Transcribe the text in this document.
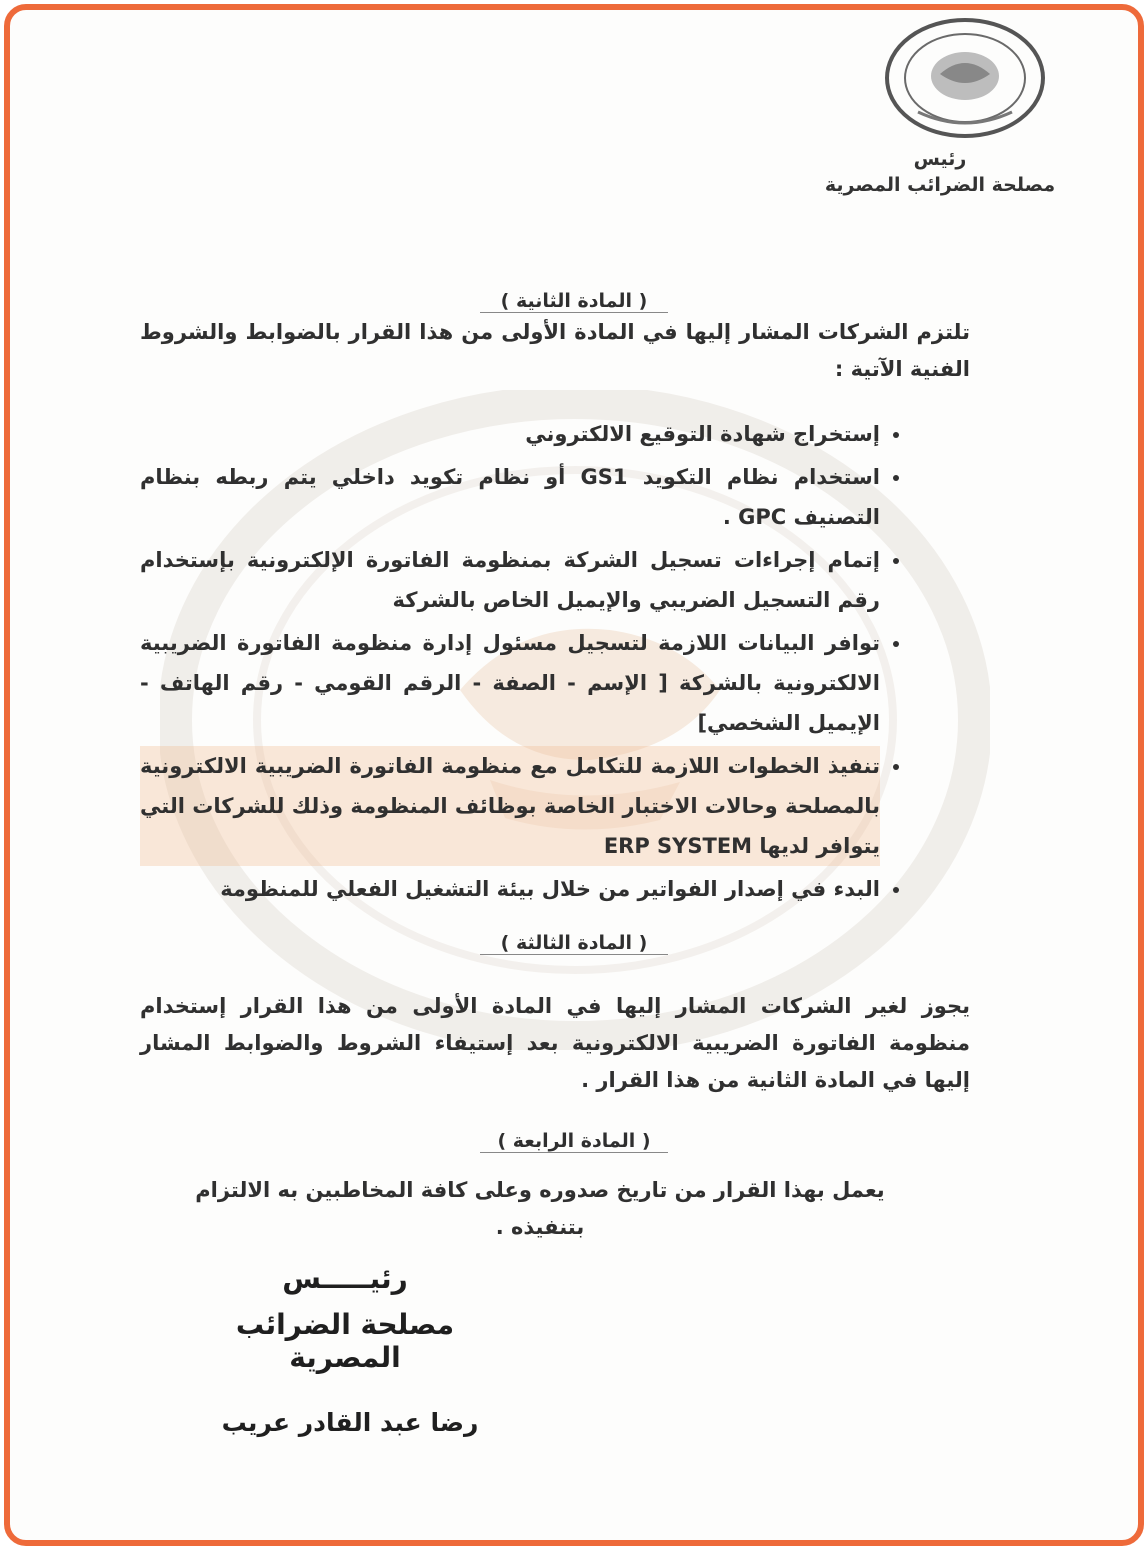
رئيس
مصلحة الضرائب المصرية
( المادة الثانية )
تلتزم الشركات المشار إليها في المادة الأولى من هذا القرار بالضوابط والشروط الفنية الآتية :
• إستخراج شهادة التوقيع الالكتروني
• استخدام نظام التكويد GS1 أو نظام تكويد داخلي يتم ربطه بنظام التصنيف GPC .
• إتمام إجراءات تسجيل الشركة بمنظومة الفاتورة الإلكترونية بإستخدام رقم التسجيل الضريبي والإيميل الخاص بالشركة
• توافر البيانات اللازمة لتسجيل مسئول إدارة منظومة الفاتورة الضريبية الالكترونية بالشركة [ الإسم - الصفة - الرقم القومي - رقم الهاتف - الإيميل الشخصي]
• تنفيذ الخطوات اللازمة للتكامل مع منظومة الفاتورة الضريبية الالكترونية بالمصلحة وحالات الاختبار الخاصة بوظائف المنظومة وذلك للشركات التي يتوافر لديها ERP SYSTEM
• البدء في إصدار الفواتير من خلال بيئة التشغيل الفعلي للمنظومة
( المادة الثالثة )
يجوز لغير الشركات المشار إليها في المادة الأولى من هذا القرار إستخدام منظومة الفاتورة الضريبية الالكترونية بعد إستيفاء الشروط والضوابط المشار إليها في المادة الثانية من هذا القرار .
( المادة الرابعة )
يعمل بهذا القرار من تاريخ صدوره وعلى كافة المخاطبين به الالتزام بتنفيذه .
رئيـــــس
مصلحة الضرائب المصرية
رضا عبد القادر عريب
